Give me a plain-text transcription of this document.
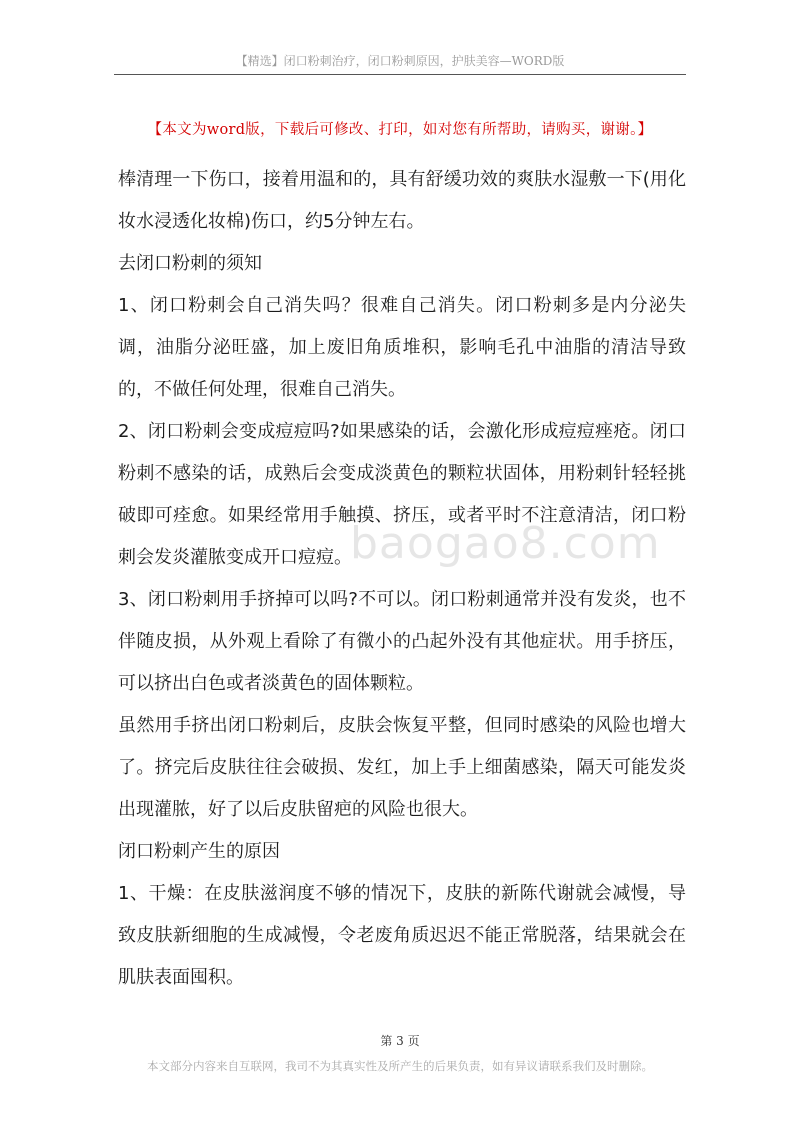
【精选】闭口粉刺治疗，闭口粉刺原因，护肤美容—WORD版
【本文为word版，下载后可修改、打印，如对您有所帮助，请购买，谢谢。】

棒清理一下伤口，接着用温和的，具有舒缓功效的爽肤水湿敷一下(用化妆水浸透化妆棉)伤口，约5分钟左右。

去闭口粉刺的须知

1、闭口粉刺会自己消失吗？很难自己消失。闭口粉刺多是内分泌失调，油脂分泌旺盛，加上废旧角质堆积，影响毛孔中油脂的清洁导致的，不做任何处理，很难自己消失。

2、闭口粉刺会变成痘痘吗?如果感染的话，会激化形成痘痘痤疮。闭口粉刺不感染的话，成熟后会变成淡黄色的颗粒状固体，用粉刺针轻轻挑破即可痊愈。如果经常用手触摸、挤压，或者平时不注意清洁，闭口粉刺会发炎灌脓变成开口痘痘。

3、闭口粉刺用手挤掉可以吗?不可以。闭口粉刺通常并没有发炎，也不伴随皮损，从外观上看除了有微小的凸起外没有其他症状。用手挤压，可以挤出白色或者淡黄色的固体颗粒。

虽然用手挤出闭口粉刺后，皮肤会恢复平整，但同时感染的风险也增大了。挤完后皮肤往往会破损、发红，加上手上细菌感染，隔天可能发炎出现灌脓，好了以后皮肤留疤的风险也很大。

闭口粉刺产生的原因

1、干燥：在皮肤滋润度不够的情况下，皮肤的新陈代谢就会减慢，导致皮肤新细胞的生成减慢，令老废角质迟迟不能正常脱落，结果就会在肌肤表面囤积。

baogao8.com
第 3 页
本文部分内容来自互联网，我司不为其真实性及所产生的后果负责，如有异议请联系我们及时删除。
